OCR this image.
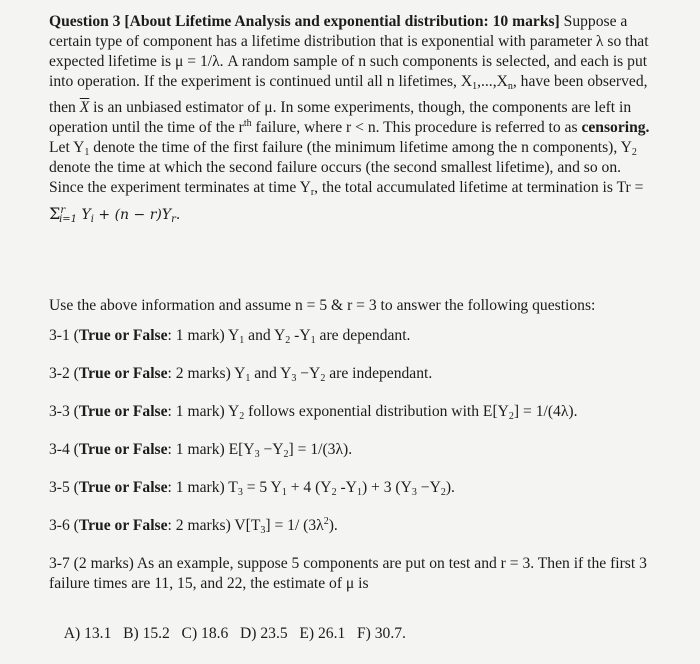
Question 3 [About Lifetime Analysis and exponential distribution: 10 marks] Suppose a
certain type of component has a lifetime distribution that is exponential with parameter λ so that
expected lifetime is μ = 1/λ. A random sample of n such components is selected, and each is put
into operation. If the experiment is continued until all n lifetimes, $X_1,...,X_n$, have been observed,
then $\overline{X}$ is an unbiased estimator of μ. In some experiments, though, the components are left in
operation until the time of the $r^{th}$ failure, where r < n. This procedure is referred to as censoring.
Let $Y_1$ denote the time of the first failure (the minimum lifetime among the n components), $Y_2$
denote the time at which the second failure occurs (the second smallest lifetime), and so on.
Since the experiment terminates at time $Y_r$, the total accumulated lifetime at termination is Tr =
$\Sigma^r_{i=1}$ $Y_i + (n - r)Y_r$.
Use the above information and assume n = 5 & r = 3 to answer the following questions:
3-1 (True or False: 1 mark) $Y_1$ and $Y_2$ $-Y_1$ are dependant.
3-2 (True or False: 2 marks) $Y_1$ and $Y_3 -Y_2$ are independant.
3-3 (True or False: 1 mark) $Y_2$ follows exponential distribution with $E[Y_2] = 1/(4\lambda)$.
3-4 (True or False: 1 mark) $E[Y_3 -Y_2] = 1/(3\lambda)$.
3-5 (True or False: 1 mark) $T_3 = 5$ $Y_1 + 4$ ($Y_2$ $-Y_1) + 3$ $(Y_3 -Y_2)$.
3-6 (True or False: 2 marks) $V[T_3] = 1/$ $(3\lambda^2)$.
3-7 (2 marks) As an example, suppose 5 components are put on test and r = 3. Then if the first 3
failure times are 11, 15, and 22, the estimate of μ is

A) 13.1   B) 15.2   C) 18.6   D) 23.5   E) 26.1   F) 30.7.
